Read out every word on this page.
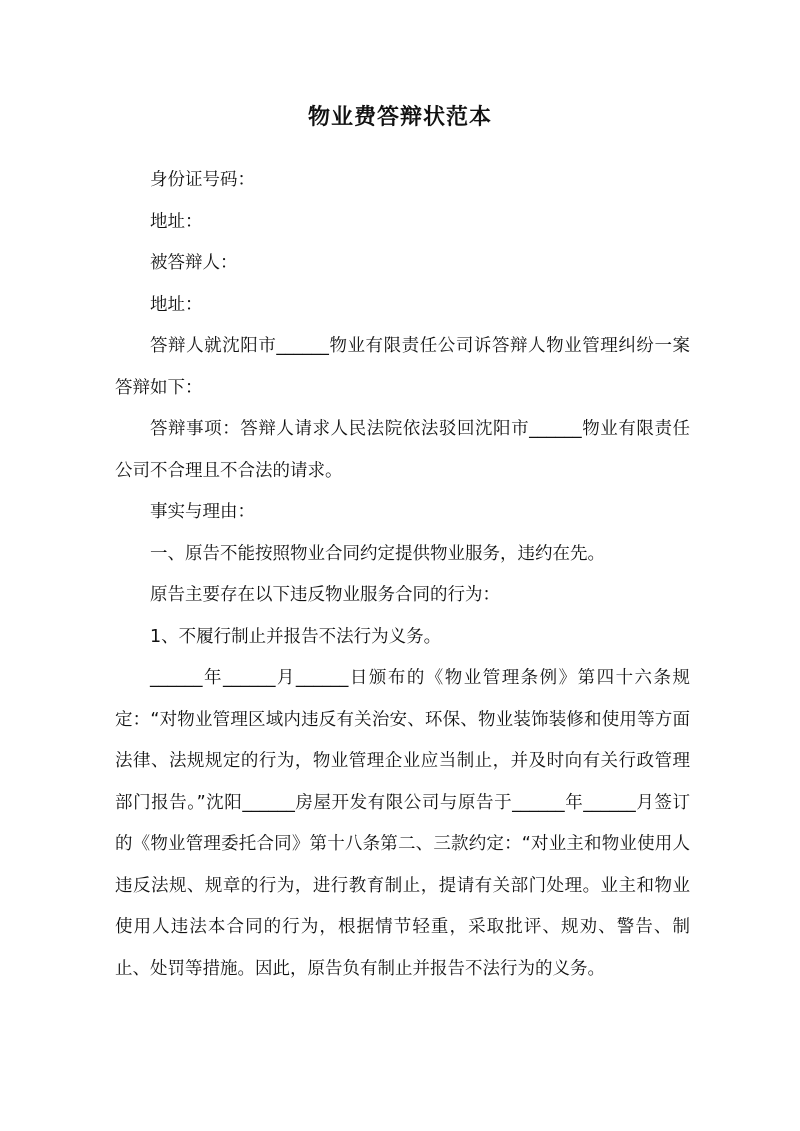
物业费答辩状范本

身份证号码：

地址：

被答辩人：

地址：

答辩人就沈阳市______物业有限责任公司诉答辩人物业管理纠纷一案答辩如下：

答辩事项：答辩人请求人民法院依法驳回沈阳市______物业有限责任公司不合理且不合法的请求。

事实与理由：

一、原告不能按照物业合同约定提供物业服务，违约在先。

原告主要存在以下违反物业服务合同的行为：

1、不履行制止并报告不法行为义务。

______年______月______日颁布的《物业管理条例》第四十六条规定：“对物业管理区域内违反有关治安、环保、物业装饰装修和使用等方面法律、法规规定的行为，物业管理企业应当制止，并及时向有关行政管理部门报告。”沈阳______房屋开发有限公司与原告于______年______月签订的《物业管理委托合同》第十八条第二、三款约定：“对业主和物业使用人违反法规、规章的行为，进行教育制止，提请有关部门处理。业主和物业使用人违法本合同的行为，根据情节轻重，采取批评、规劝、警告、制止、处罚等措施。因此，原告负有制止并报告不法行为的义务。
